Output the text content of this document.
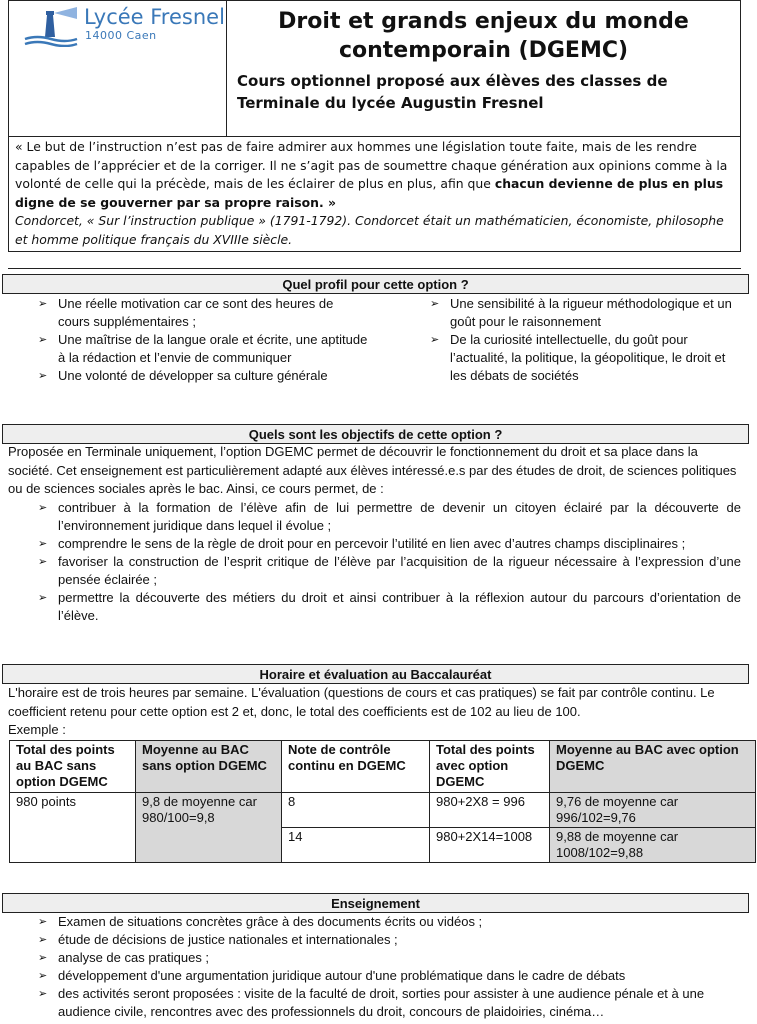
Lycée Fresnel
14000 Caen
Droit et grands enjeux du monde contemporain (DGEMC)
Cours optionnel proposé aux élèves des classes de Terminale du lycée Augustin Fresnel
« Le but de l’instruction n’est pas de faire admirer aux hommes une législation toute faite, mais de les rendre capables de l’apprécier et de la corriger. Il ne s’agit pas de soumettre chaque génération aux opinions comme à la volonté de celle qui la précède, mais de les éclairer de plus en plus, afin que chacun devienne de plus en plus digne de se gouverner par sa propre raison. »
Condorcet, « Sur l’instruction publique » (1791-1792). Condorcet était un mathématicien, économiste, philosophe et homme politique français du XVIIIe siècle.
Quel profil pour cette option ?
➢ Une réelle motivation car ce sont des heures de cours supplémentaires ;
➢ Une maîtrise de la langue orale et écrite, une aptitude à la rédaction et l’envie de communiquer
➢ Une volonté de développer sa culture générale
➢ Une sensibilité à la rigueur méthodologique et un goût pour le raisonnement
➢ De la curiosité intellectuelle, du goût pour l’actualité, la politique, la géopolitique, le droit et les débats de sociétés
Quels sont les objectifs de cette option ?
Proposée en Terminale uniquement, l’option DGEMC permet de découvrir le fonctionnement du droit et sa place dans la société. Cet enseignement est particulièrement adapté aux élèves intéressé.e.s par des études de droit, de sciences politiques ou de sciences sociales après le bac. Ainsi, ce cours permet, de :
➢ contribuer à la formation de l’élève afin de lui permettre de devenir un citoyen éclairé par la découverte de l’environnement juridique dans lequel il évolue ;
➢ comprendre le sens de la règle de droit pour en percevoir l’utilité en lien avec d’autres champs disciplinaires ;
➢ favoriser la construction de l’esprit critique de l’élève par l’acquisition de la rigueur nécessaire à l’expression d’une pensée éclairée ;
➢ permettre la découverte des métiers du droit et ainsi contribuer à la réflexion autour du parcours d’orientation de l’élève.
Horaire et évaluation au Baccalauréat
L'horaire est de trois heures par semaine. L'évaluation (questions de cours et cas pratiques) se fait par contrôle continu. Le coefficient retenu pour cette option est 2 et, donc, le total des coefficients est de 102 au lieu de 100.
Exemple :
Total des points au BAC sans option DGEMC	Moyenne au BAC sans option DGEMC	Note de contrôle continu en DGEMC	Total des points avec option DGEMC	Moyenne au BAC avec option DGEMC
980 points	9,8 de moyenne car 980/100=9,8	8	980+2X8 = 996	9,76 de moyenne car 996/102=9,76
		14	980+2X14=1008	9,88 de moyenne car 1008/102=9,88
Enseignement
➢ Examen de situations concrètes grâce à des documents écrits ou vidéos ;
➢ étude de décisions de justice nationales et internationales ;
➢ analyse de cas pratiques ;
➢ développement d'une argumentation juridique autour d'une problématique dans le cadre de débats
➢ des activités seront proposées : visite de la faculté de droit, sorties pour assister à une audience pénale et à une audience civile, rencontres avec des professionnels du droit, concours de plaidoiries, cinéma…
